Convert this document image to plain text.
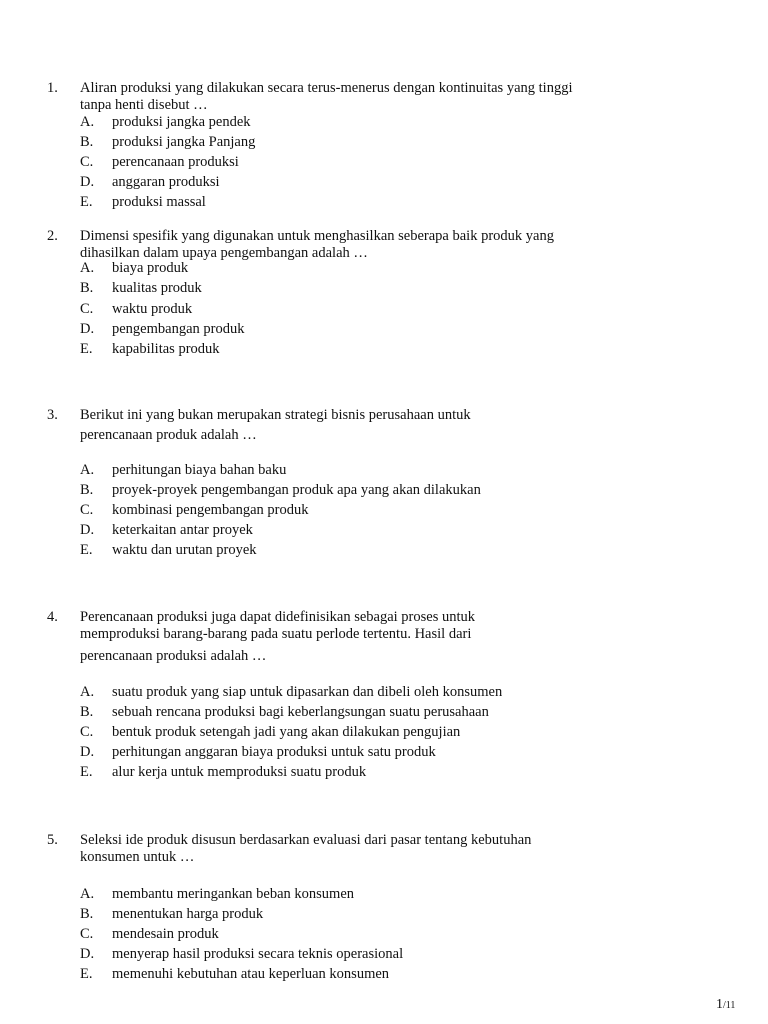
1. Aliran produksi yang dilakukan secara terus-menerus dengan kontinuitas yang tinggi
tanpa henti disebut …
A. produksi jangka pendek
B. produksi jangka Panjang
C. perencanaan produksi
D. anggaran produksi
E. produksi massal
2. Dimensi spesifik yang digunakan untuk menghasilkan seberapa baik produk yang
dihasilkan dalam upaya pengembangan adalah …
A. biaya produk
B. kualitas produk
C. waktu produk
D. pengembangan produk
E. kapabilitas produk
3. Berikut ini yang bukan merupakan strategi bisnis perusahaan untuk
perencanaan produk adalah …
A. perhitungan biaya bahan baku
B. proyek-proyek pengembangan produk apa yang akan dilakukan
C. kombinasi pengembangan produk
D. keterkaitan antar proyek
E. waktu dan urutan proyek
4. Perencanaan produksi juga dapat didefinisikan sebagai proses untuk
memproduksi barang-barang pada suatu perlode tertentu. Hasil dari
perencanaan produksi adalah …
A. suatu produk yang siap untuk dipasarkan dan dibeli oleh konsumen
B. sebuah rencana produksi bagi keberlangsungan suatu perusahaan
C. bentuk produk setengah jadi yang akan dilakukan pengujian
D. perhitungan anggaran biaya produksi untuk satu produk
E. alur kerja untuk memproduksi suatu produk
5. Seleksi ide produk disusun berdasarkan evaluasi dari pasar tentang kebutuhan
konsumen untuk …
A. membantu meringankan beban konsumen
B. menentukan harga produk
C. mendesain produk
D. menyerap hasil produksi secara teknis operasional
E. memenuhi kebutuhan atau keperluan konsumen
1/11
